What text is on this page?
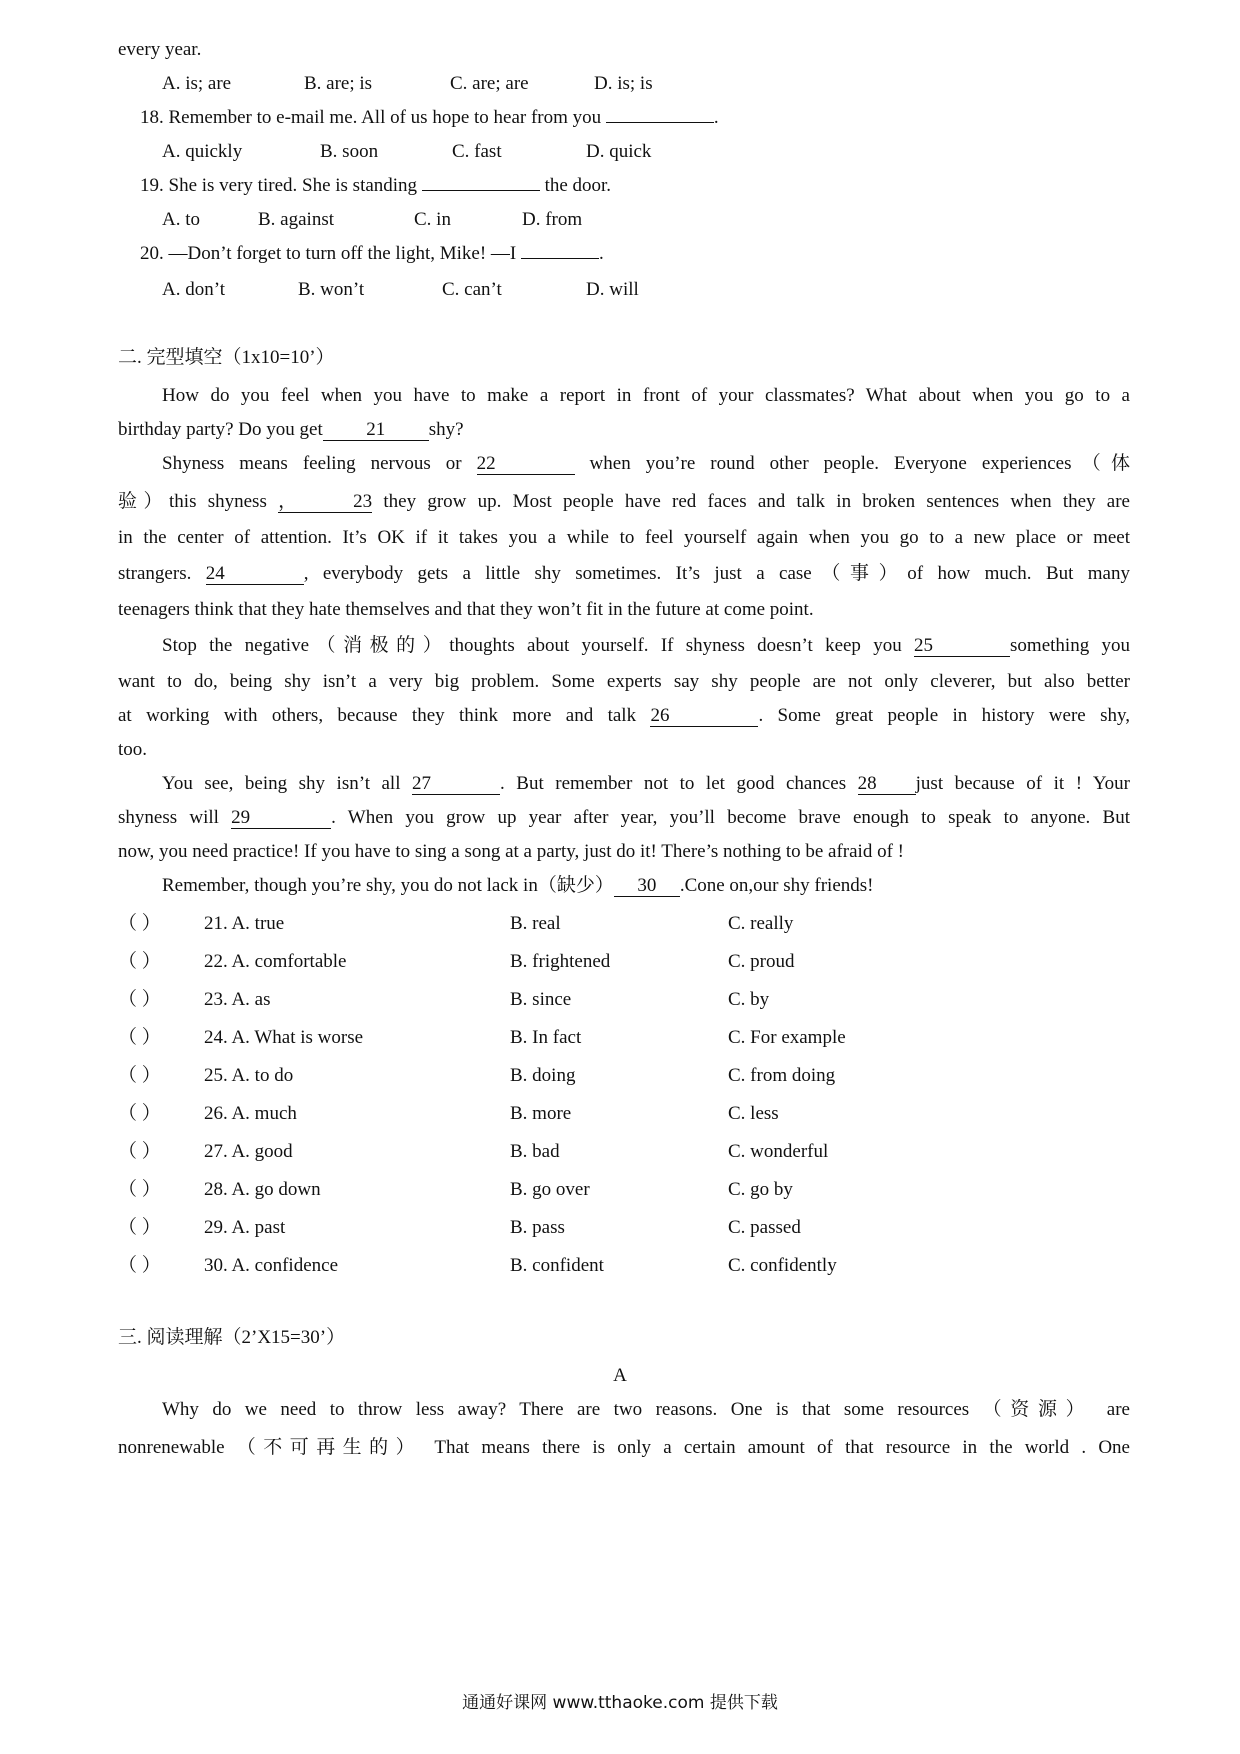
every year.
A. is; are	B. are; is	C. are; are	D. is; is
18. Remember to e-mail me. All of us hope to hear from you	.
A. quickly	B. soon	C. fast	D. quick
19. She is very tired. She is standing	the door.
A. to	B. against	C. in	D. from
20. —Don’t forget to turn off the light, Mike! —I	.
A. don’t	B. won’t	C. can’t	D. will
二. 完型填空（1x10=10’）
How do you feel when you have to make a report in front of your classmates? What about when you go to a
birthday party? Do you get 21 shy?
Shyness means feeling nervous or 22	when you’re round other people. Everyone experiences（体
验）this shyness ， 23 they grow up. Most people have red faces and talk in broken sentences when they are
in the center of attention. It’s OK if it takes you a while to feel yourself again when you go to a new place or meet
strangers. 24	, everybody gets a little shy sometimes. It’s just a case（事）of how much. But many
teenagers think that they hate themselves and that they won’t fit in the future at come point.
Stop the negative（消极的）thoughts about yourself. If shyness doesn’t keep you 25	something you
want to do, being shy isn’t a very big problem. Some experts say shy people are not only cleverer, but also better
at working with others, because they think more and talk 26	. Some great people in history were shy,
too.
You see, being shy isn’t all 27	. But remember not to let good chances 28 just because of it ! Your
shyness will 29	. When you grow up year after year, you’ll become brave enough to speak to anyone. But
now, you need practice! If you have to sing a song at a party, just do it! There’s nothing to be afraid of !
Remember, though you’re shy, you do not lack in（缺少） 30 .Cone on,our shy friends!
（ ） 21. A. true	B. real	C. really
（ ） 22. A. comfortable	B. frightened	C. proud
（ ） 23. A. as	B. since	C. by
（ ） 24. A. What is worse	B. In fact	C. For example
（ ） 25. A. to do	B. doing	C. from doing
（ ） 26. A. much	B. more	C. less
（ ） 27. A. good	B. bad	C. wonderful
（ ） 28. A. go down	B. go over	C. go by
（ ） 29. A. past	B. pass	C. passed
（ ） 30. A. confidence	B. confident	C. confidently
三. 阅读理解（2’X15=30’）
A
Why do we need to throw less away? There are two reasons. One is that some resources （资源） are
nonrenewable （不可再生的） That means there is only a certain amount of that resource in the world . One
通通好课网 www.tthaoke.com 提供下载
